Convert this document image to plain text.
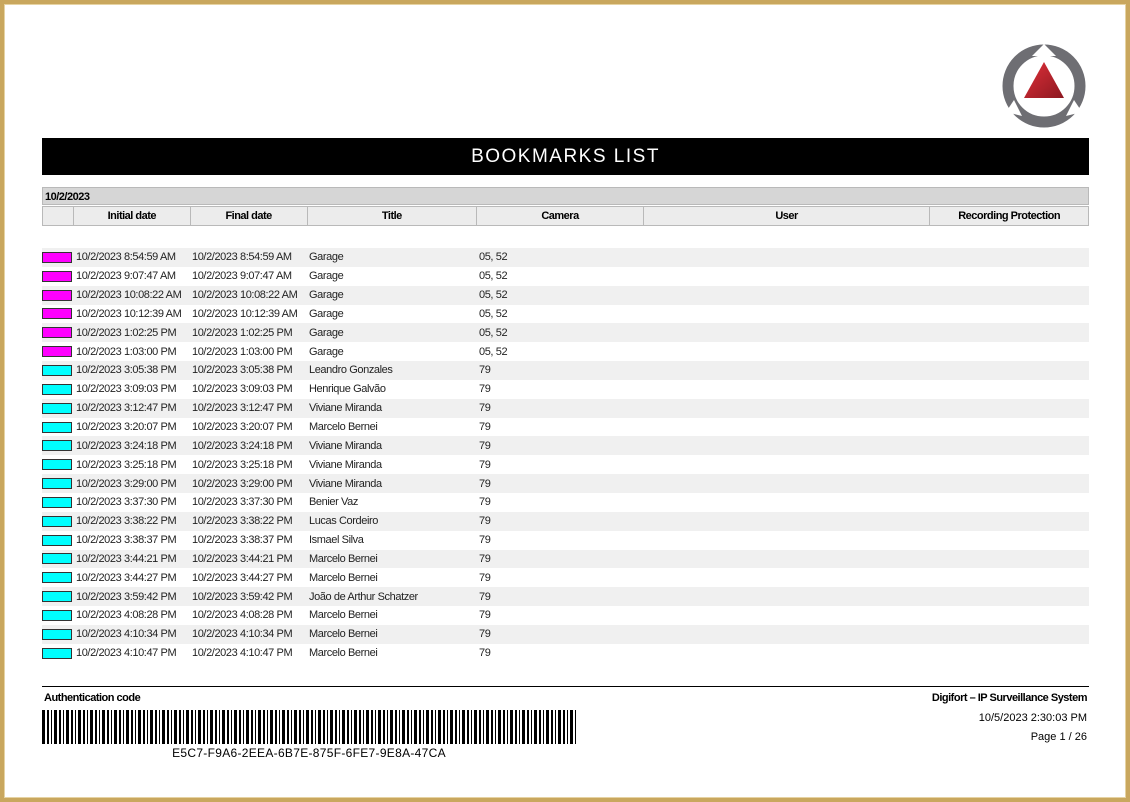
BOOKMARKS LIST
10/2/2023
Initial date	Final date	Title	Camera	User	Recording Protection
10/2/2023 8:54:59 AM	10/2/2023 8:54:59 AM	Garage	05, 52
10/2/2023 9:07:47 AM	10/2/2023 9:07:47 AM	Garage	05, 52
10/2/2023 10:08:22 AM 10/2/2023 10:08:22 AM	Garage	05, 52
10/2/2023 10:12:39 AM 10/2/2023 10:12:39 AM	Garage	05, 52
10/2/2023 1:02:25 PM	10/2/2023 1:02:25 PM	Garage	05, 52
10/2/2023 1:03:00 PM	10/2/2023 1:03:00 PM	Garage	05, 52
10/2/2023 3:05:38 PM	10/2/2023 3:05:38 PM	Leandro Gonzales	79
10/2/2023 3:09:03 PM	10/2/2023 3:09:03 PM	Henrique Galvão	79
10/2/2023 3:12:47 PM	10/2/2023 3:12:47 PM	Viviane Miranda	79
10/2/2023 3:20:07 PM	10/2/2023 3:20:07 PM	Marcelo Bernei	79
10/2/2023 3:24:18 PM	10/2/2023 3:24:18 PM	Viviane Miranda	79
10/2/2023 3:25:18 PM	10/2/2023 3:25:18 PM	Viviane Miranda	79
10/2/2023 3:29:00 PM	10/2/2023 3:29:00 PM	Viviane Miranda	79
10/2/2023 3:37:30 PM	10/2/2023 3:37:30 PM	Benier Vaz	79
10/2/2023 3:38:22 PM	10/2/2023 3:38:22 PM	Lucas Cordeiro	79
10/2/2023 3:38:37 PM	10/2/2023 3:38:37 PM	Ismael Silva	79
10/2/2023 3:44:21 PM	10/2/2023 3:44:21 PM	Marcelo Bernei	79
10/2/2023 3:44:27 PM	10/2/2023 3:44:27 PM	Marcelo Bernei	79
10/2/2023 3:59:42 PM	10/2/2023 3:59:42 PM	João de Arthur Schatzer	79
10/2/2023 4:08:28 PM	10/2/2023 4:08:28 PM	Marcelo Bernei	79
10/2/2023 4:10:34 PM	10/2/2023 4:10:34 PM	Marcelo Bernei	79
10/2/2023 4:10:47 PM	10/2/2023 4:10:47 PM	Marcelo Bernei	79
Authentication code
E5C7-F9A6-2EEA-6B7E-875F-6FE7-9E8A-47CA
Digifort – IP Surveillance System
10/5/2023 2:30:03 PM
Page 1 / 26
